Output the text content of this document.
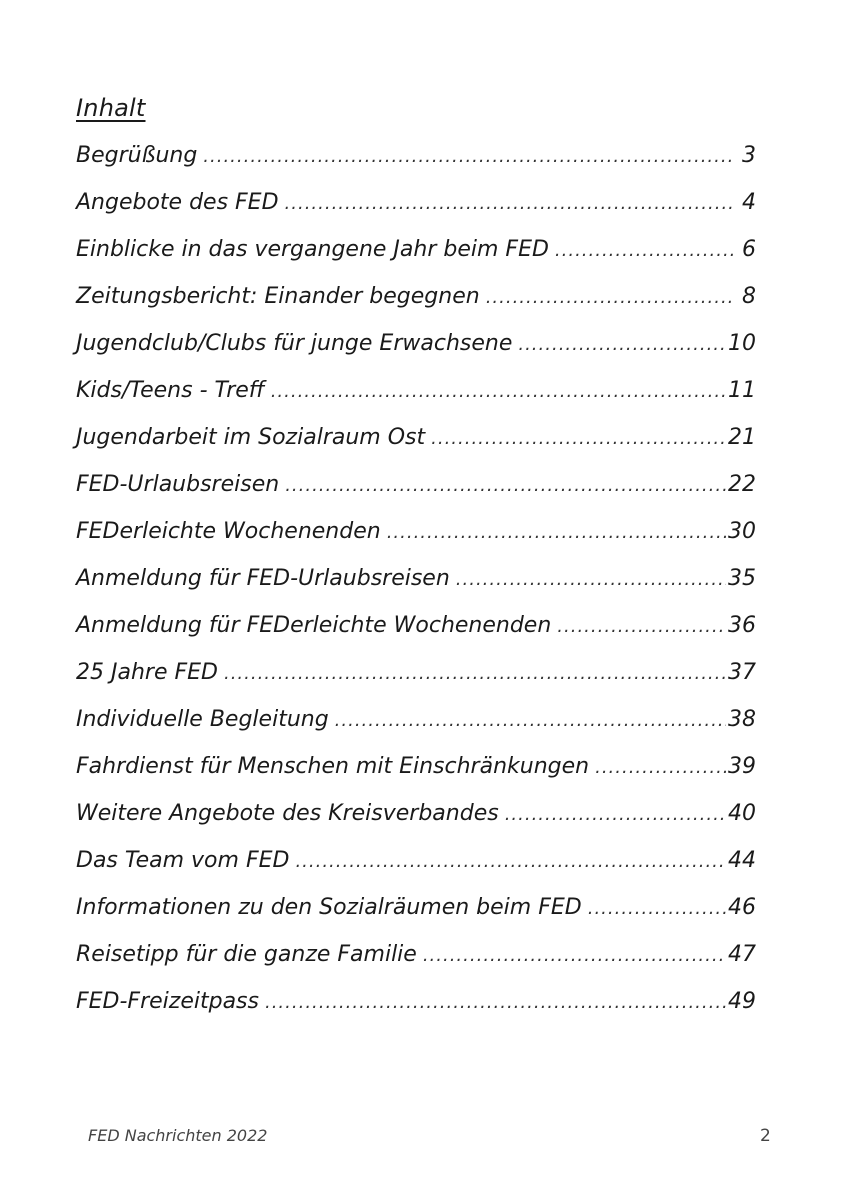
Inhalt
Begrüßung .....	3
Angebote des FED .....	4
Einblicke in das vergangene Jahr beim FED .....	6
Zeitungsbericht: Einander begegnen .....	8
Jugendclub/Clubs für junge Erwachsene .....	10
Kids/Teens - Treff .....	11
Jugendarbeit im Sozialraum Ost .....	21
FED-Urlaubsreisen .....	22
FEDerleichte Wochenenden .....	30
Anmeldung für FED-Urlaubsreisen .....	35
Anmeldung für FEDerleichte Wochenenden .....	36
25 Jahre FED .....	37
Individuelle Begleitung .....	38
Fahrdienst für Menschen mit Einschränkungen .....	39
Weitere Angebote des Kreisverbandes .....	40
Das Team vom FED .....	44
Informationen zu den Sozialräumen beim FED .....	46
Reisetipp für die ganze Familie .....	47
FED-Freizeitpass .....	49
FED Nachrichten 2022	2
